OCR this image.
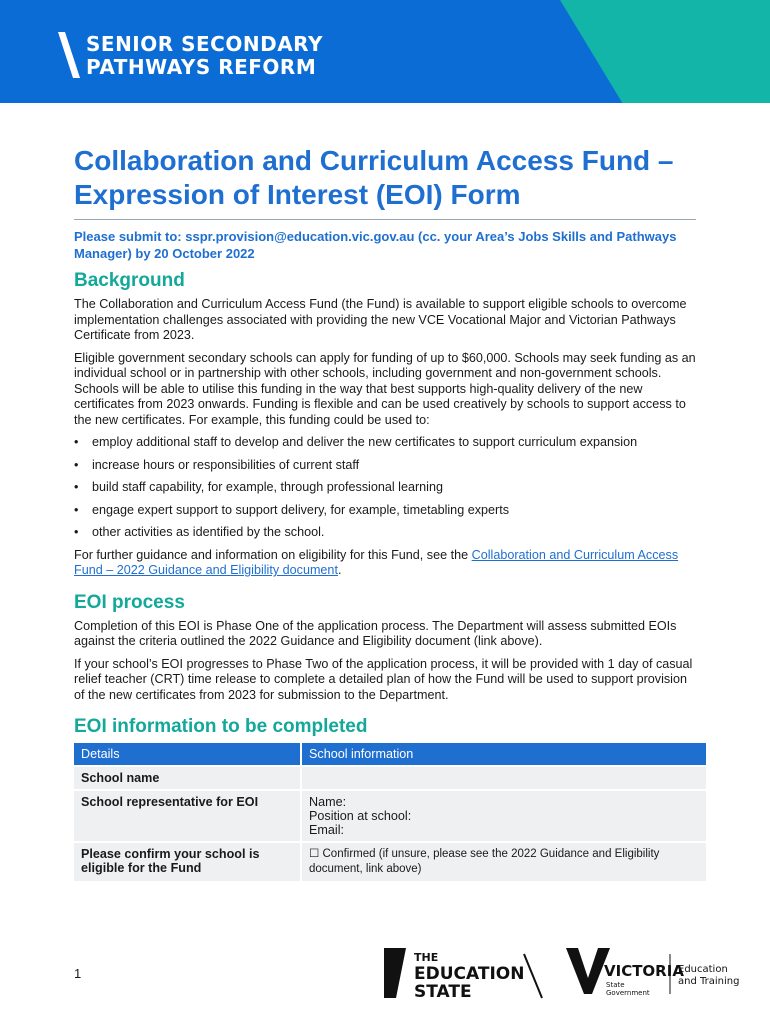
SENIOR SECONDARY
PATHWAYS REFORM
Collaboration and Curriculum Access Fund – Expression of Interest (EOI) Form
Please submit to: sspr.provision@education.vic.gov.au (cc. your Area’s Jobs Skills and Pathways Manager) by 20 October 2022
Background

The Collaboration and Curriculum Access Fund (the Fund) is available to support eligible schools to overcome implementation challenges associated with providing the new VCE Vocational Major and Victorian Pathways Certificate from 2023.

Eligible government secondary schools can apply for funding of up to $60,000. Schools may seek funding as an individual school or in partnership with other schools, including government and non-government schools. Schools will be able to utilise this funding in the way that best supports high-quality delivery of the new certificates from 2023 onwards. Funding is flexible and can be used creatively by schools to support access to the new certificates. For example, this funding could be used to:

• employ additional staff to develop and deliver the new certificates to support curriculum expansion
• increase hours or responsibilities of current staff
• build staff capability, for example, through professional learning
• engage expert support to support delivery, for example, timetabling experts
• other activities as identified by the school.

For further guidance and information on eligibility for this Fund, see the Collaboration and Curriculum Access Fund – 2022 Guidance and Eligibility document.

EOI process

Completion of this EOI is Phase One of the application process. The Department will assess submitted EOIs against the criteria outlined the 2022 Guidance and Eligibility document (link above).

If your school’s EOI progresses to Phase Two of the application process, it will be provided with 1 day of casual relief teacher (CRT) time release to complete a detailed plan of how the Fund will be used to support provision of the new certificates from 2023 for submission to the Department.

EOI information to be completed
Details	School information
School name	
School representative for EOI	Name:
Position at school:
Email:

Please confirm your school is eligible for the Fund	☐ Confirmed (if unsure, please see the 2022 Guidance and Eligibility document, link above)
1
THE
EDUCATION
STATE
VICTORIA
State
Government
Education
and Training
